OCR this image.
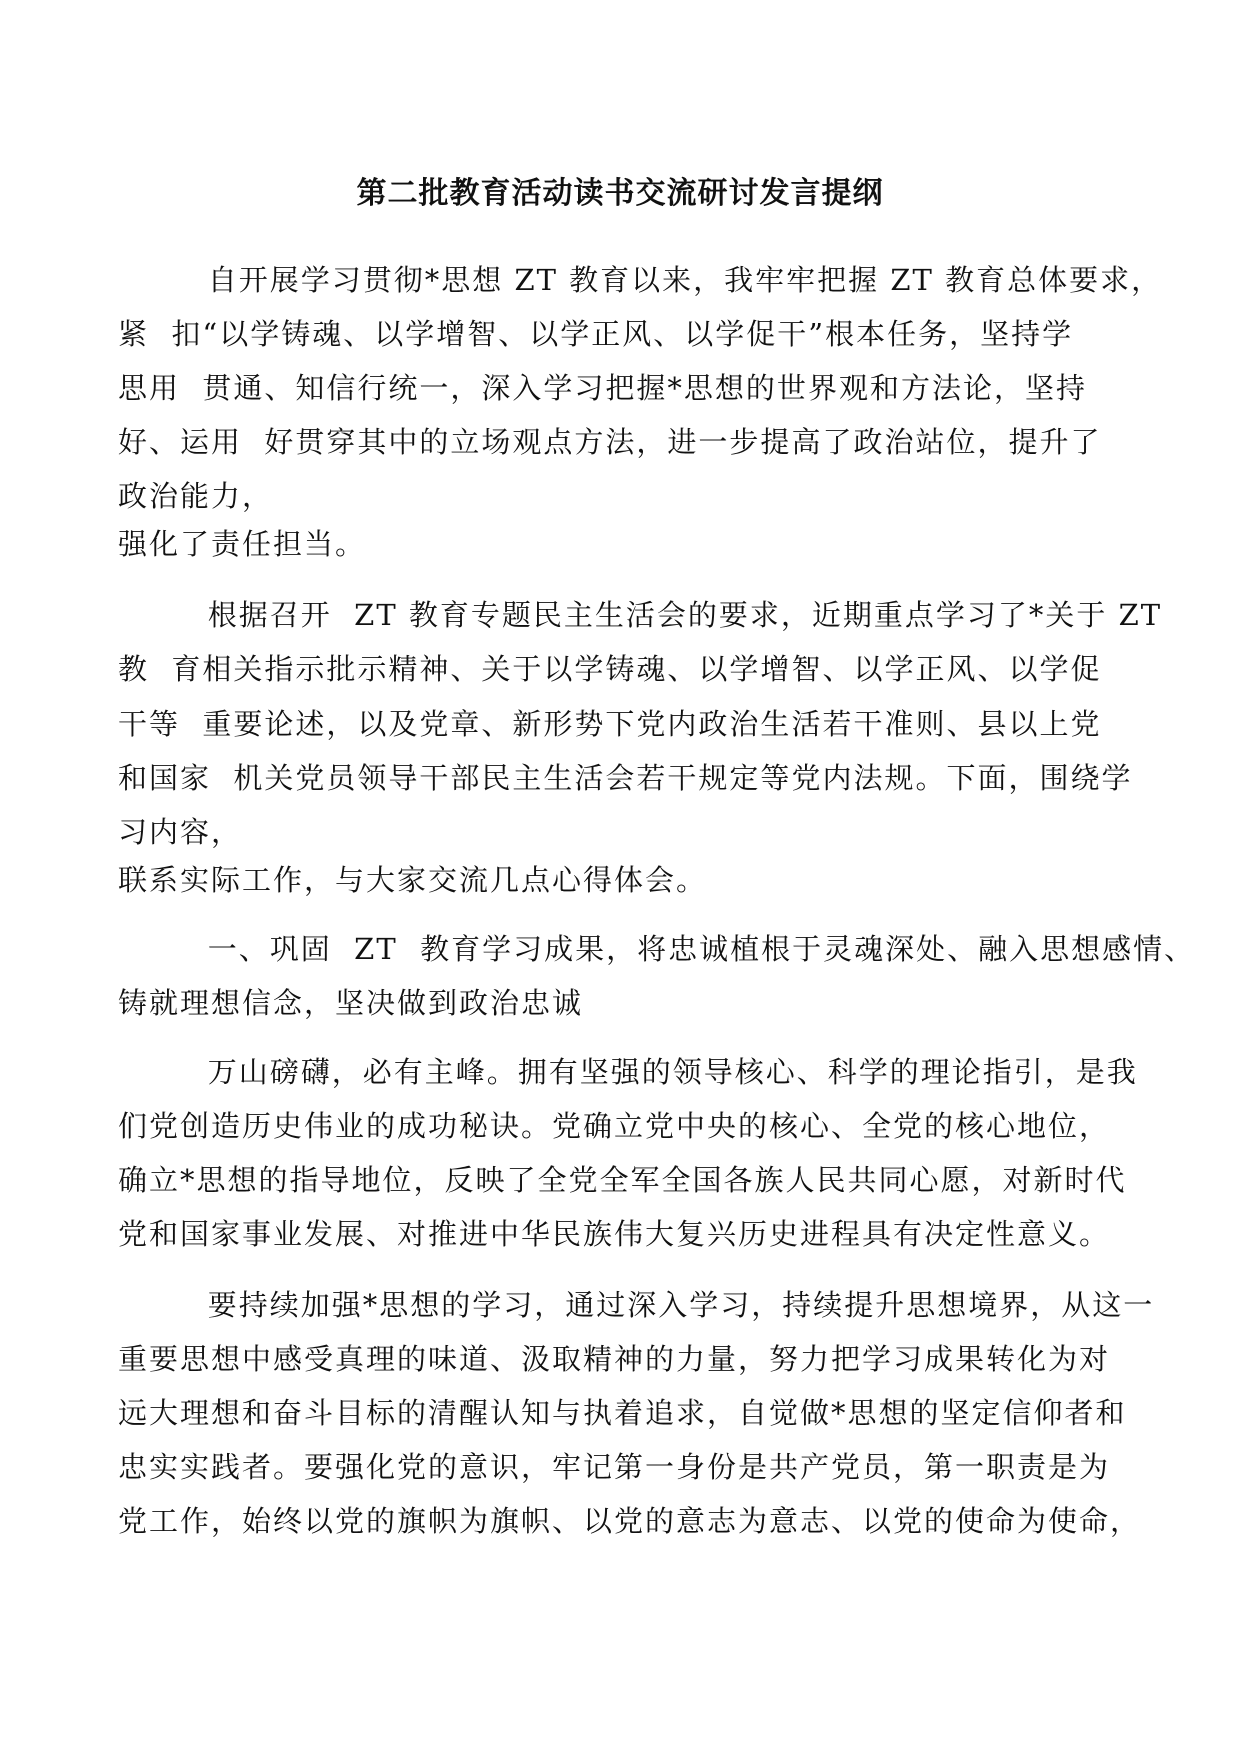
第二批教育活动读书交流研讨发言提纲
自开展学习贯彻*思想 ZT 教育以来，我牢牢把握 ZT 教育总体要求，
紧  扣“以学铸魂、以学增智、以学正风、以学促干”根本任务，坚持学
思用  贯通、知信行统一，深入学习把握*思想的世界观和方法论，坚持
好、运用  好贯穿其中的立场观点方法，进一步提高了政治站位，提升了
政治能力，
强化了责任担当。
根据召开  ZT 教育专题民主生活会的要求，近期重点学习了*关于 ZT
教  育相关指示批示精神、关于以学铸魂、以学增智、以学正风、以学促
干等  重要论述，以及党章、新形势下党内政治生活若干准则、县以上党
和国家  机关党员领导干部民主生活会若干规定等党内法规。下面，围绕学
习内容，
联系实际工作，与大家交流几点心得体会。
一、巩固  ZT  教育学习成果，将忠诚植根于灵魂深处、融入思想感情、
铸就理想信念，坚决做到政治忠诚
万山磅礴，必有主峰。拥有坚强的领导核心、科学的理论指引，是我
们党创造历史伟业的成功秘诀。党确立党中央的核心、全党的核心地位，
确立*思想的指导地位，反映了全党全军全国各族人民共同心愿，对新时代
党和国家事业发展、对推进中华民族伟大复兴历史进程具有决定性意义。
要持续加强*思想的学习，通过深入学习，持续提升思想境界，从这一
重要思想中感受真理的味道、汲取精神的力量，努力把学习成果转化为对
远大理想和奋斗目标的清醒认知与执着追求，自觉做*思想的坚定信仰者和
忠实实践者。要强化党的意识，牢记第一身份是共产党员，第一职责是为
党工作，始终以党的旗帜为旗帜、以党的意志为意志、以党的使命为使命，
